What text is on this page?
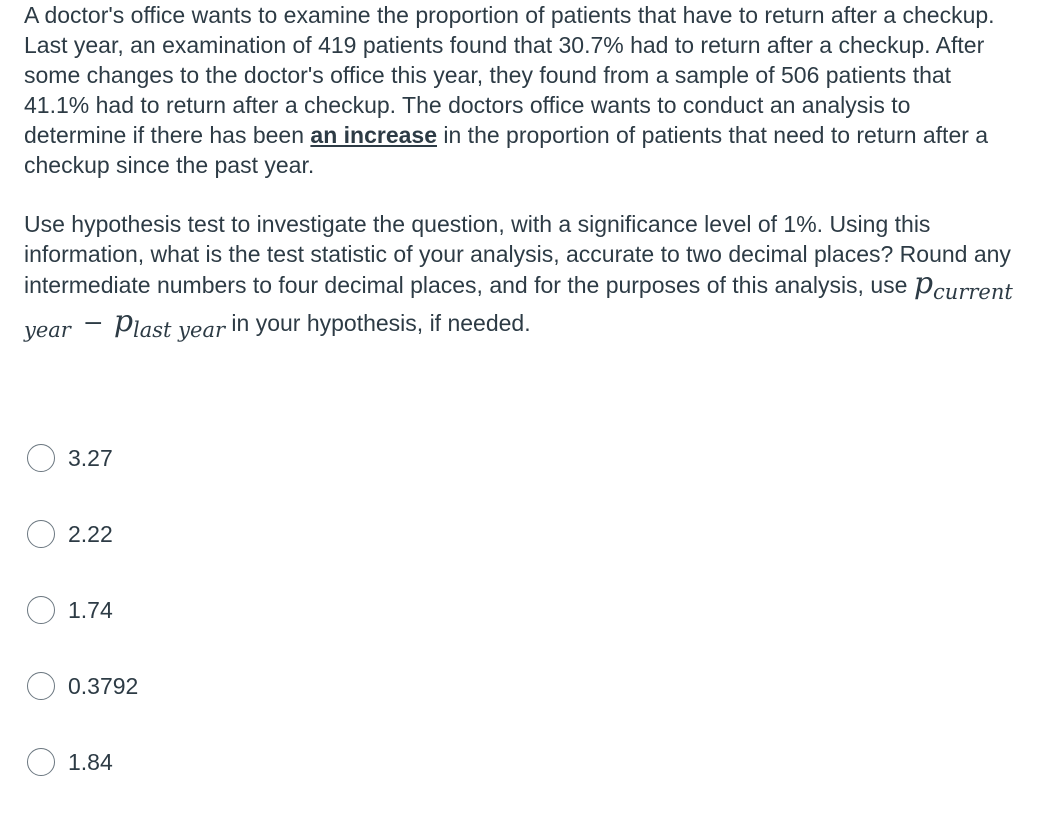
A doctor's office wants to examine the proportion of patients that have to return after a checkup. Last year, an examination of 419 patients found that 30.7% had to return after a checkup. After some changes to the doctor's office this year, they found from a sample of 506 patients that 41.1% had to return after a checkup. The doctors office wants to conduct an analysis to determine if there has been an increase in the proportion of patients that need to return after a checkup since the past year.

Use hypothesis test to investigate the question, with a significance level of 1%. Using this information, what is the test statistic of your analysis, accurate to two decimal places? Round any intermediate numbers to four decimal places, and for the purposes of this analysis, use $p_{current year} - p_{last year}$ in your hypothesis, if needed.

3.27
2.22
1.74
0.3792
1.84
